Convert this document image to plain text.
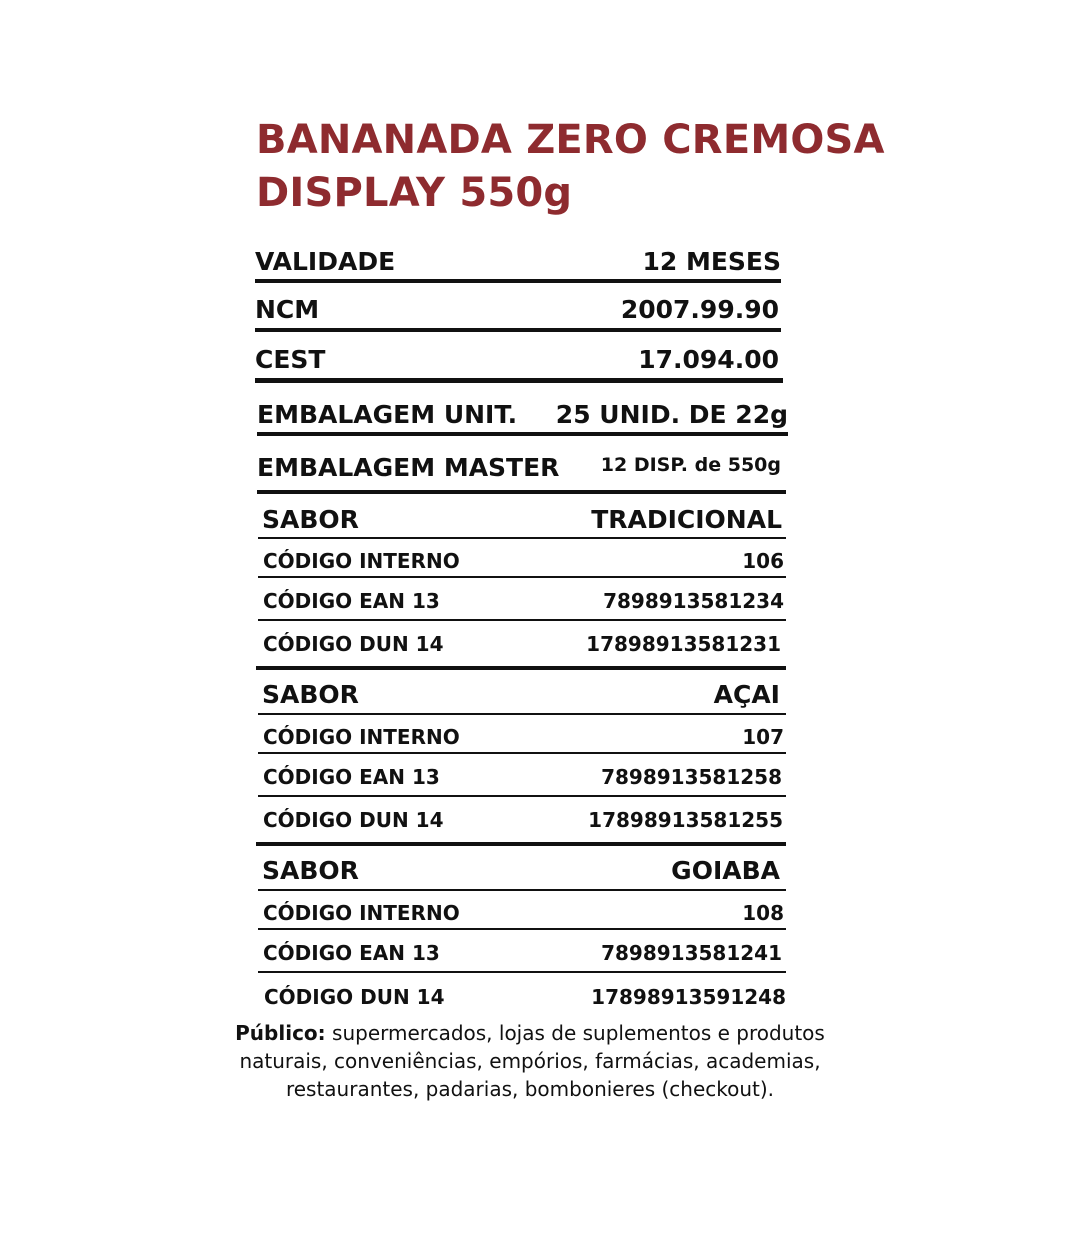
BANANADA ZERO CREMOSA
DISPLAY 550g
VALIDADE	12 MESES
NCM	2007.99.90
CEST	17.094.00
EMBALAGEM UNIT. 25 UNID. DE 22g
EMBALAGEM MASTER 12 DISP. de 550g
SABOR	TRADICIONAL
CÓDIGO INTERNO	106
CÓDIGO EAN 13	7898913581234
CÓDIGO DUN 14	17898913581231
SABOR	AÇAI
CÓDIGO INTERNO	107
CÓDIGO EAN 13	7898913581258
CÓDIGO DUN 14	17898913581255
SABOR	GOIABA
CÓDIGO INTERNO	108
CÓDIGO EAN 13	7898913581241
CÓDIGO DUN 14	17898913591248
Público: supermercados, lojas de suplementos e produtos naturais, conveniências, empórios, farmácias, academias, restaurantes, padarias, bombonieres (checkout).
